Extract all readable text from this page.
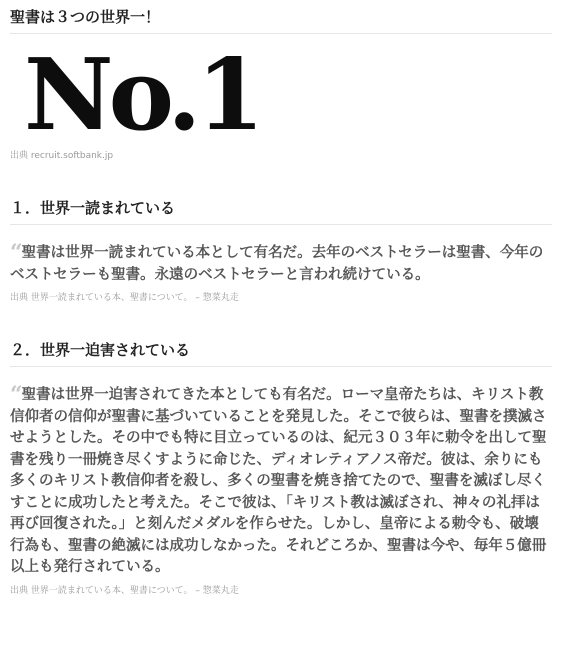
聖書は３つの世界一！
No.1
出典 recruit.softbank.jp
１．世界一読まれている
“聖書は世界一読まれている本として有名だ。去年のベストセラーは聖書、今年のベストセラーも聖書。永遠のベストセラーと言われ続けている。
出典 世界一読まれている本、聖書について。 – 惣菜丸走
２．世界一迫害されている
“聖書は世界一迫害されてきた本としても有名だ。ローマ皇帝たちは、キリスト教信仰者の信仰が聖書に基づいていることを発見した。そこで彼らは、聖書を撲滅させようとした。その中でも特に目立っているのは、紀元３０３年に勅令を出して聖書を残り一冊焼き尽くすように命じた、ディオレティアノス帝だ。彼は、余りにも多くのキリスト教信仰者を殺し、多くの聖書を焼き捨てたので、聖書を滅ぼし尽くすことに成功したと考えた。そこで彼は、「キリスト教は滅ぼされ、神々の礼拝は再び回復された。」と刻んだメダルを作らせた。しかし、皇帝による勅令も、破壊行為も、聖書の絶滅には成功しなかった。それどころか、聖書は今や、毎年５億冊以上も発行されている。
出典 世界一読まれている本、聖書について。 – 惣菜丸走
